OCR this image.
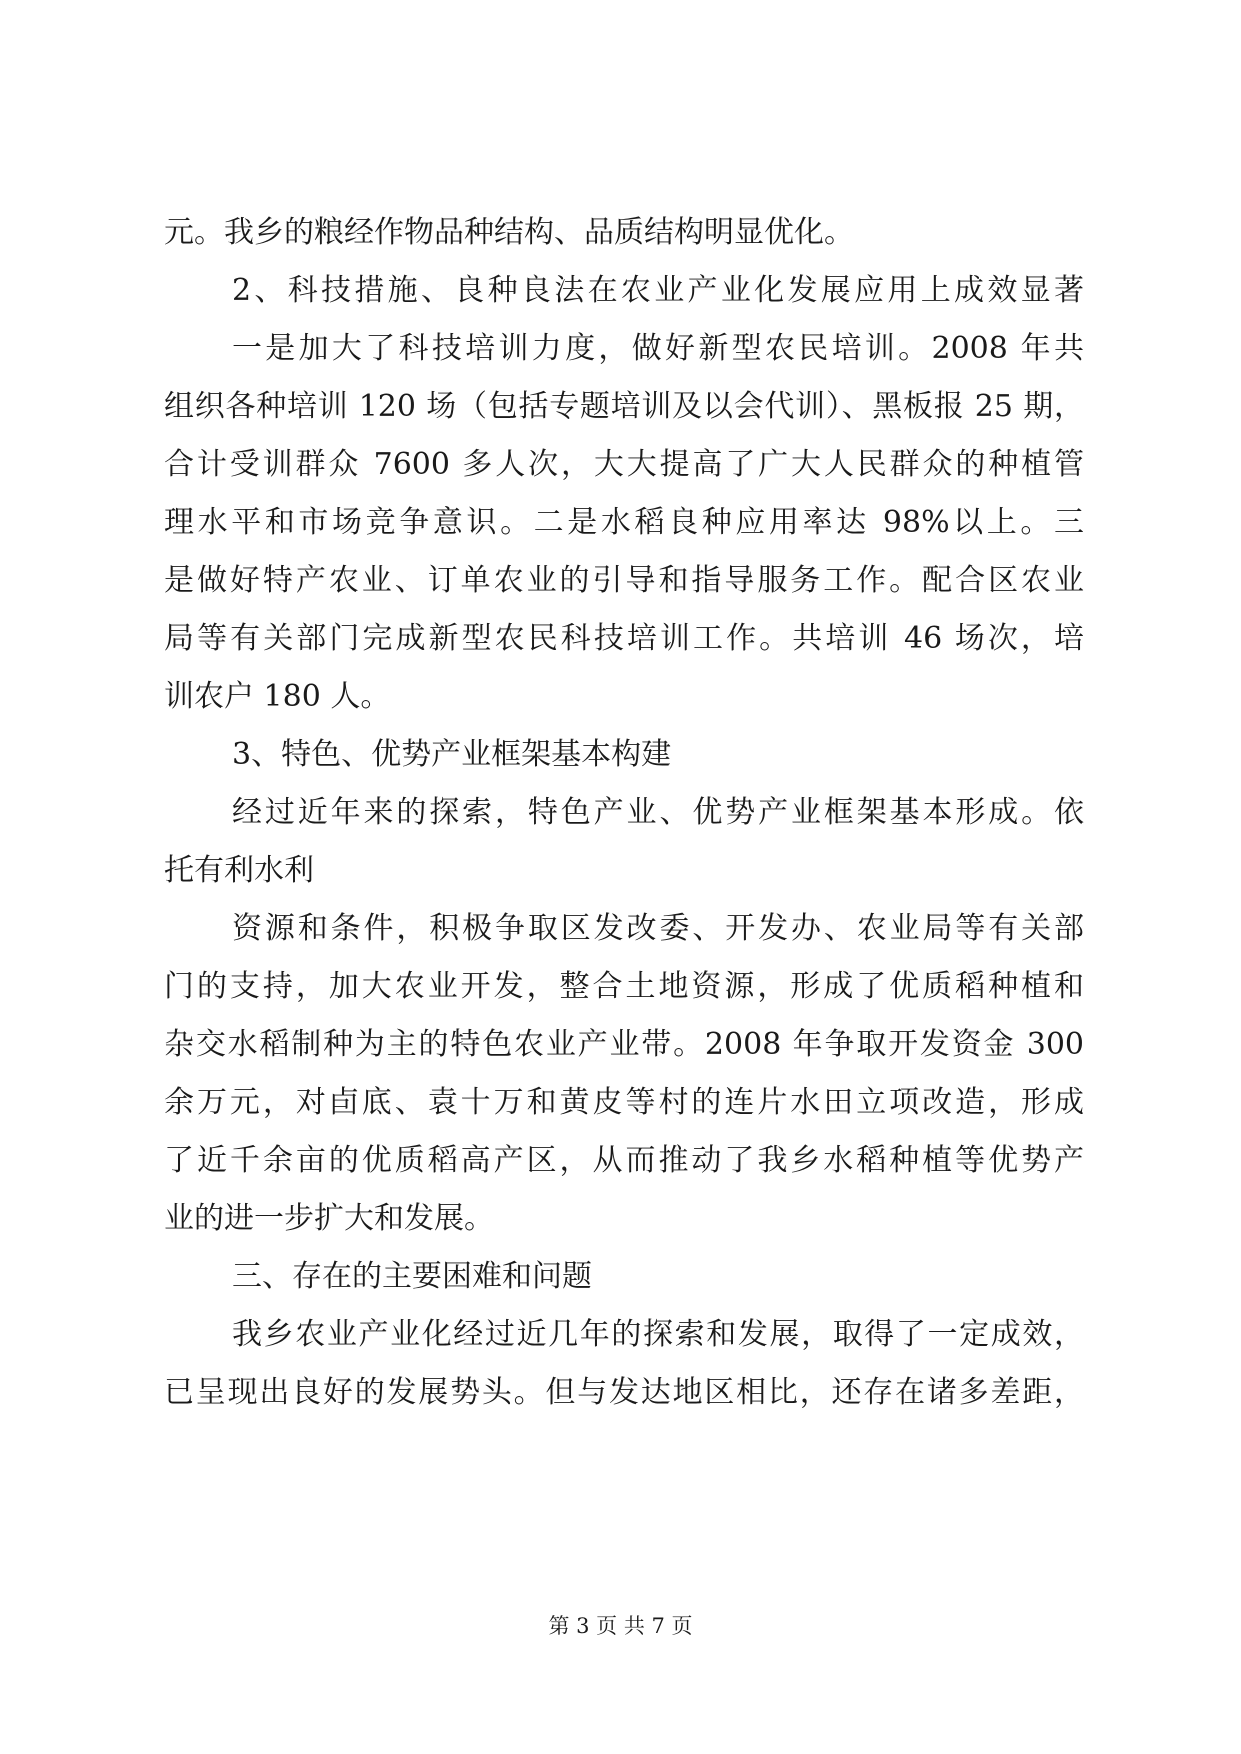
元。我乡的粮经作物品种结构、品质结构明显优化。
2、科技措施、良种良法在农业产业化发展应用上成效显著
一是加大了科技培训力度，做好新型农民培训。2008 年共
组织各种培训 120 场（包括专题培训及以会代训）、黑板报 25 期，
合计受训群众 7600 多人次，大大提高了广大人民群众的种植管
理水平和市场竞争意识。二是水稻良种应用率达 98%以上。三
是做好特产农业、订单农业的引导和指导服务工作。配合区农业
局等有关部门完成新型农民科技培训工作。共培训 46 场次，培
训农户 180 人。
3、特色、优势产业框架基本构建
经过近年来的探索，特色产业、优势产业框架基本形成。依
托有利水利
资源和条件，积极争取区发改委、开发办、农业局等有关部
门的支持，加大农业开发，整合土地资源，形成了优质稻种植和
杂交水稻制种为主的特色农业产业带。2008 年争取开发资金 300
余万元，对卣底、袁十万和黄皮等村的连片水田立项改造，形成
了近千余亩的优质稻高产区，从而推动了我乡水稻种植等优势产
业的进一步扩大和发展。
三、存在的主要困难和问题
我乡农业产业化经过近几年的探索和发展，取得了一定成效，
已呈现出良好的发展势头。但与发达地区相比，还存在诸多差距，
第 3 页 共 7 页
